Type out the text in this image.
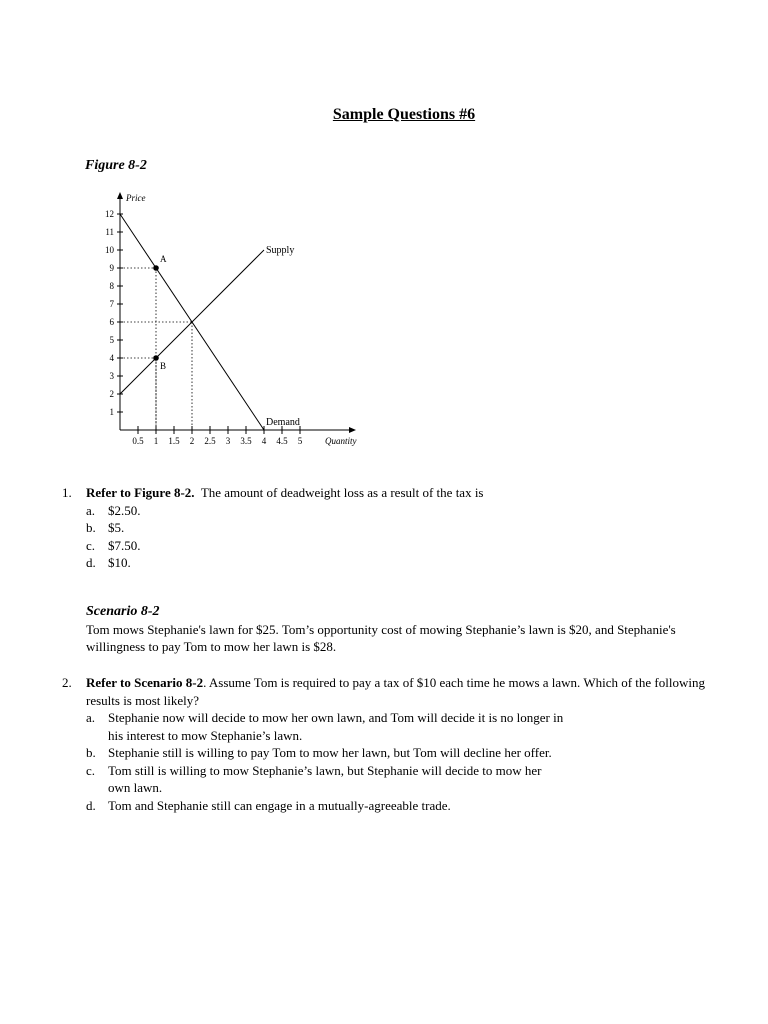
Sample Questions #6
Figure 8-2
1
2
3
4
5
6
7
8
9
10
11
12
0.5 1 1.5 2 2.5 3 3.5 4 4.5 5
A
B
Price
Quantity
Supply
Demand
1. Refer to Figure 8-2. The amount of deadweight loss as a result of the tax is
a. $2.50.
b. $5.
c. $7.50.
d. $10.
Scenario 8-2
Tom mows Stephanie's lawn for $25. Tom’s opportunity cost of mowing Stephanie’s lawn is $20, and Stephanie's willingness to pay Tom to mow her lawn is $28.
2. Refer to Scenario 8-2. Assume Tom is required to pay a tax of $10 each time he mows a lawn. Which of the following results is most likely?
a. Stephanie now will decide to mow her own lawn, and Tom will decide it is no longer in his interest to mow Stephanie’s lawn.
b. Stephanie still is willing to pay Tom to mow her lawn, but Tom will decline her offer.
c. Tom still is willing to mow Stephanie’s lawn, but Stephanie will decide to mow her own lawn.
d. Tom and Stephanie still can engage in a mutually-agreeable trade.
